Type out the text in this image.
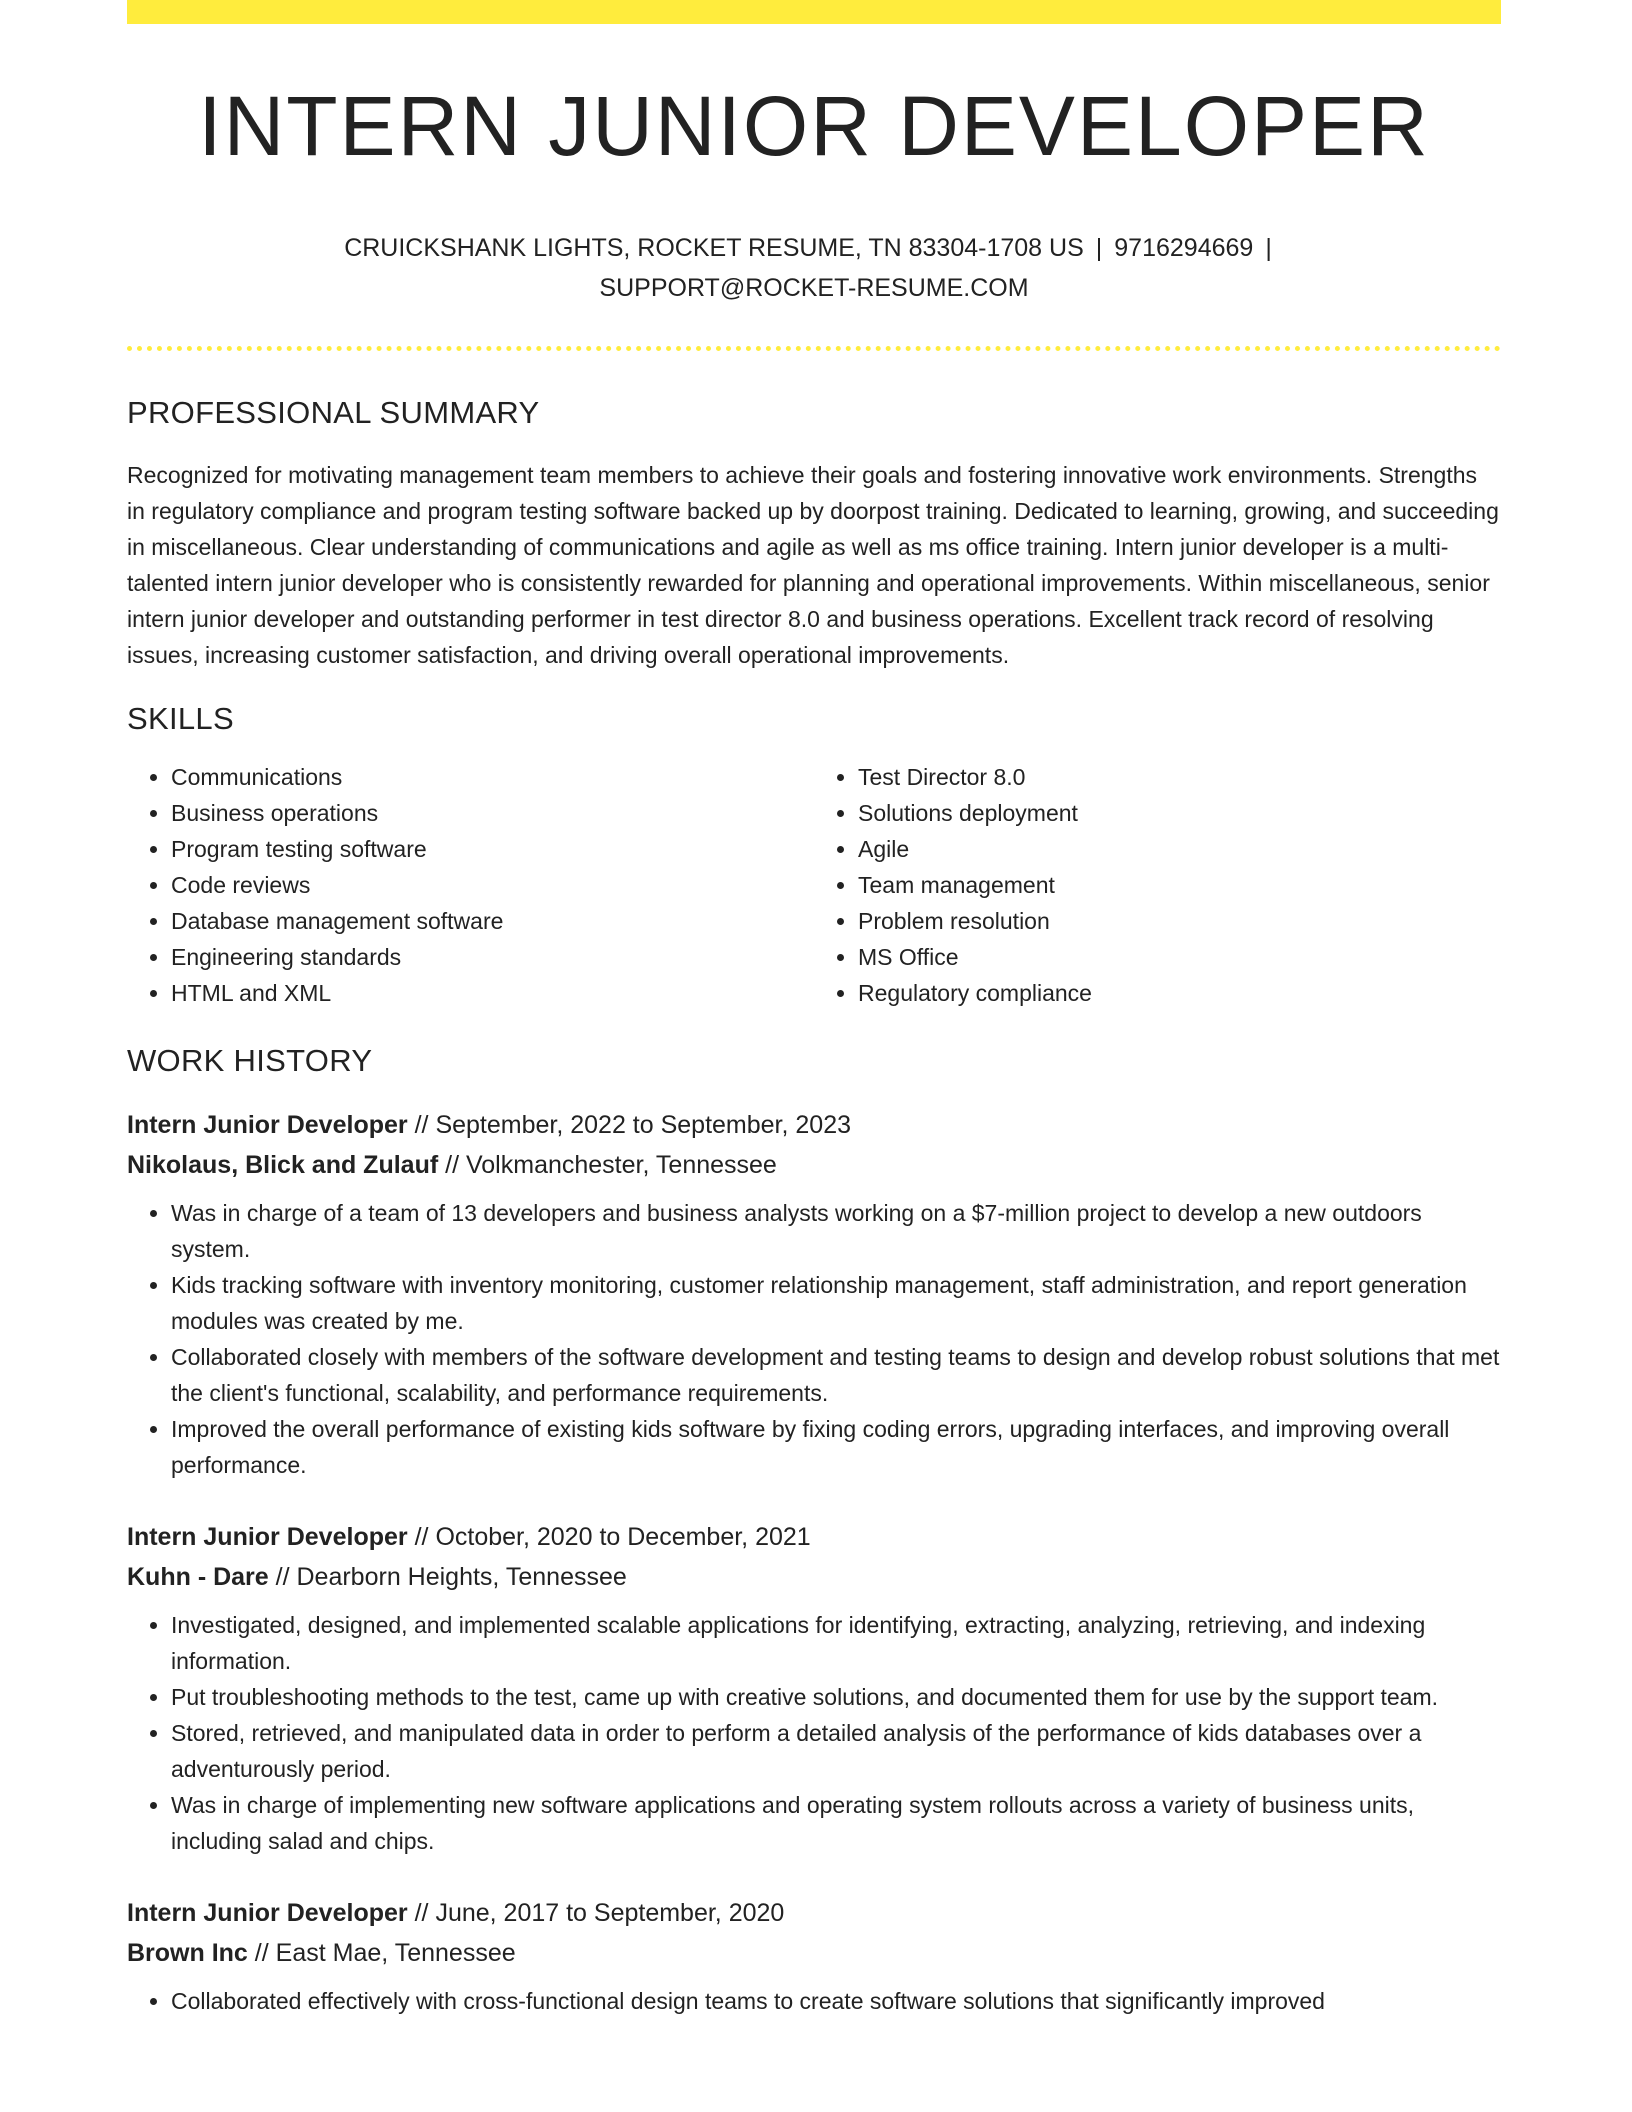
INTERN JUNIOR DEVELOPER
CRUICKSHANK LIGHTS, ROCKET RESUME, TN 83304-1708 US | 9716294669 |
SUPPORT@ROCKET-RESUME.COM
PROFESSIONAL SUMMARY

Recognized for motivating management team members to achieve their goals and fostering innovative work environments. Strengths in regulatory compliance and program testing software backed up by doorpost training. Dedicated to learning, growing, and succeeding in miscellaneous. Clear understanding of communications and agile as well as ms office training. Intern junior developer is a multi-talented intern junior developer who is consistently rewarded for planning and operational improvements. Within miscellaneous, senior intern junior developer and outstanding performer in test director 8.0 and business operations. Excellent track record of resolving issues, increasing customer satisfaction, and driving overall operational improvements.

SKILLS
• Communications
• Business operations
• Program testing software
• Code reviews
• Database management software
• Engineering standards
• HTML and XML
• Test Director 8.0
• Solutions deployment
• Agile
• Team management
• Problem resolution
• MS Office
• Regulatory compliance
WORK HISTORY
Intern Junior Developer // September, 2022 to September, 2023
Nikolaus, Blick and Zulauf // Volkmanchester, Tennessee
• Was in charge of a team of 13 developers and business analysts working on a $7-million project to develop a new outdoors system.
• Kids tracking software with inventory monitoring, customer relationship management, staff administration, and report generation modules was created by me.
• Collaborated closely with members of the software development and testing teams to design and develop robust solutions that met the client's functional, scalability, and performance requirements.
• Improved the overall performance of existing kids software by fixing coding errors, upgrading interfaces, and improving overall performance.
Intern Junior Developer // October, 2020 to December, 2021
Kuhn - Dare // Dearborn Heights, Tennessee
• Investigated, designed, and implemented scalable applications for identifying, extracting, analyzing, retrieving, and indexing information.
• Put troubleshooting methods to the test, came up with creative solutions, and documented them for use by the support team.
• Stored, retrieved, and manipulated data in order to perform a detailed analysis of the performance of kids databases over a adventurously period.
• Was in charge of implementing new software applications and operating system rollouts across a variety of business units, including salad and chips.
Intern Junior Developer // June, 2017 to September, 2020
Brown Inc // East Mae, Tennessee
• Collaborated effectively with cross-functional design teams to create software solutions that significantly improved
